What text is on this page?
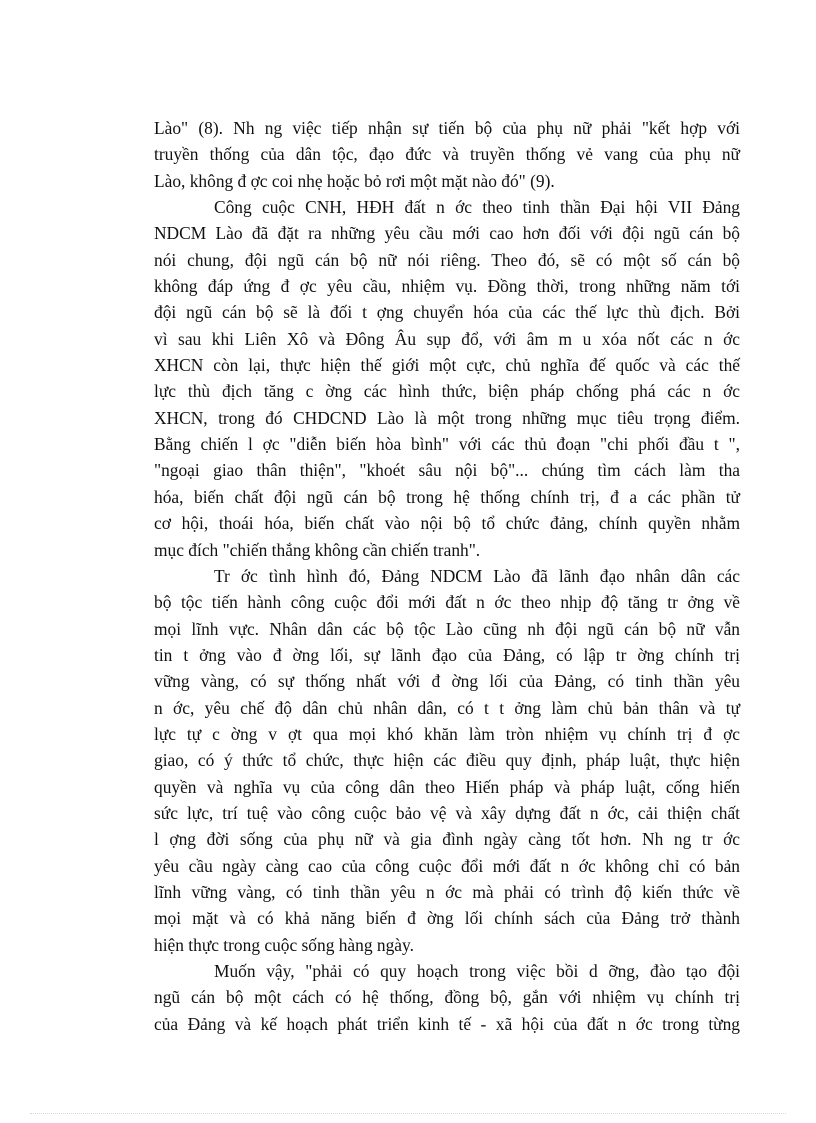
Lào" (8). Nh ng việc tiếp nhận sự tiến bộ của phụ nữ phải "kết hợp với
truyền thống của dân tộc, đạo đức và truyền thống vẻ vang của phụ nữ
Lào, không đ ợc coi nhẹ hoặc bỏ rơi một mặt nào đó" (9).
Công cuộc CNH, HĐH đất n ớc theo tinh thần Đại hội VII Đảng
NDCM Lào đã đặt ra những yêu cầu mới cao hơn đối với đội ngũ cán bộ
nói chung, đội ngũ cán bộ nữ nói riêng. Theo đó, sẽ có một số cán bộ
không đáp ứng đ ợc yêu cầu, nhiệm vụ. Đồng thời, trong những năm tới
đội ngũ cán bộ sẽ là đối t ợng chuyển hóa của các thế lực thù địch. Bởi
vì sau khi Liên Xô và Đông Âu sụp đổ, với âm m u xóa nốt các n ớc
XHCN còn lại, thực hiện thế giới một cực, chủ nghĩa đế quốc và các thế
lực thù địch tăng c ờng các hình thức, biện pháp chống phá các n ớc
XHCN, trong đó CHDCND Lào là một trong những mục tiêu trọng điểm.
Bằng chiến l ợc "diễn biến hòa bình" với các thủ đoạn "chi phối đầu t ",
"ngoại giao thân thiện", "khoét sâu nội bộ"... chúng tìm cách làm tha
hóa, biến chất đội ngũ cán bộ trong hệ thống chính trị, đ a các phần tử
cơ hội, thoái hóa, biến chất vào nội bộ tổ chức đảng, chính quyền nhằm
mục đích "chiến thắng không cần chiến tranh".
Tr ớc tình hình đó, Đảng NDCM Lào đã lãnh đạo nhân dân các
bộ tộc tiến hành công cuộc đổi mới đất n ớc theo nhịp độ tăng tr ởng về
mọi lĩnh vực. Nhân dân các bộ tộc Lào cũng nh đội ngũ cán bộ nữ vẫn
tin t ởng vào đ ờng lối, sự lãnh đạo của Đảng, có lập tr ờng chính trị
vững vàng, có sự thống nhất với đ ờng lối của Đảng, có tinh thần yêu
n ớc, yêu chế độ dân chủ nhân dân, có t t ởng làm chủ bản thân và tự
lực tự c ờng v ợt qua mọi khó khăn làm tròn nhiệm vụ chính trị đ ợc
giao, có ý thức tổ chức, thực hiện các điều quy định, pháp luật, thực hiện
quyền và nghĩa vụ của công dân theo Hiến pháp và pháp luật, cống hiến
sức lực, trí tuệ vào công cuộc bảo vệ và xây dựng đất n ớc, cải thiện chất
l ợng đời sống của phụ nữ và gia đình ngày càng tốt hơn. Nh ng tr ớc
yêu cầu ngày càng cao của công cuộc đổi mới đất n ớc không chỉ có bản
lĩnh vững vàng, có tinh thần yêu n ớc mà phải có trình độ kiến thức về
mọi mặt và có khả năng biến đ ờng lối chính sách của Đảng trở thành
hiện thực trong cuộc sống hàng ngày.
Muốn vậy, "phải có quy hoạch trong việc bồi d ỡng, đào tạo đội
ngũ cán bộ một cách có hệ thống, đồng bộ, gắn với nhiệm vụ chính trị
của Đảng và kế hoạch phát triển kinh tế - xã hội của đất n ớc trong từng
